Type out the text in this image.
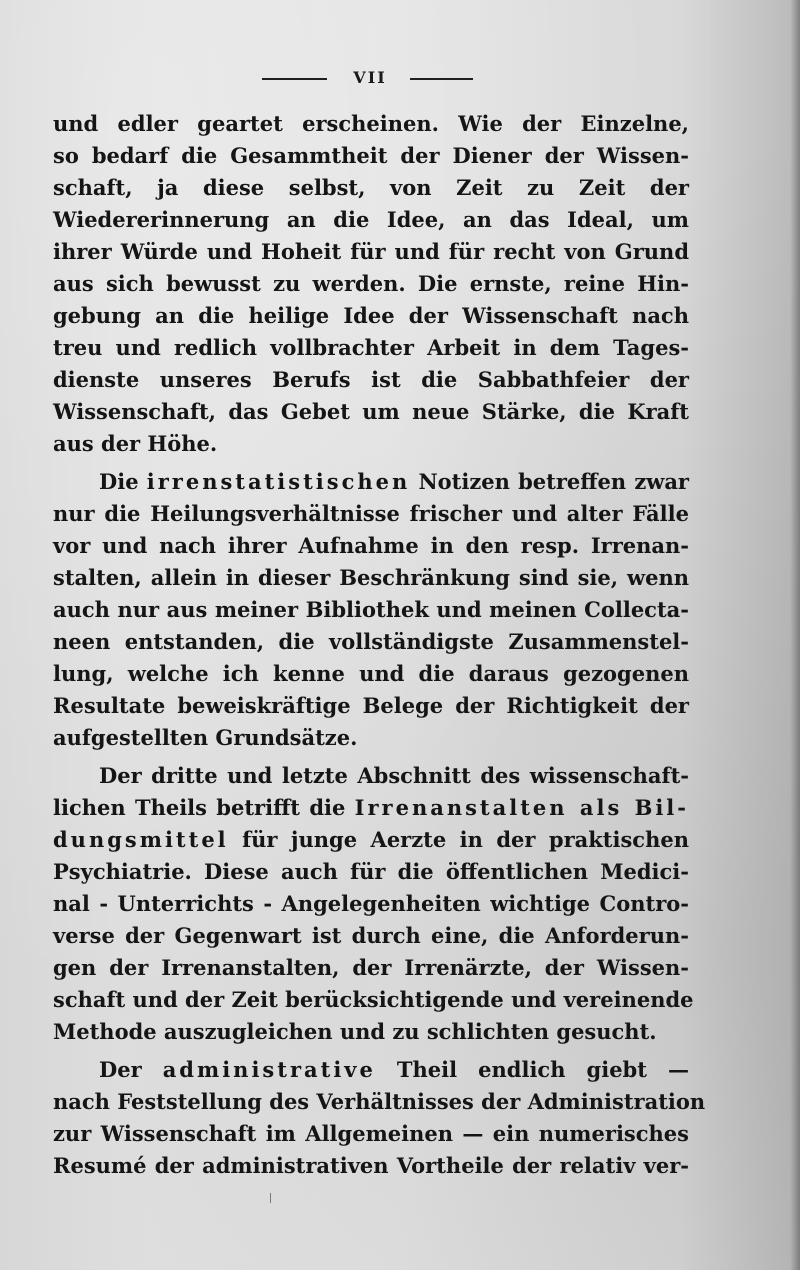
VII
und edler geartet erscheinen. Wie der Einzelne,
so bedarf die Gesammtheit der Diener der Wissen-
schaft, ja diese selbst, von Zeit zu Zeit der
Wiedererinnerung an die Idee, an das Ideal, um
ihrer Würde und Hoheit für und für recht von Grund
aus sich bewusst zu werden. Die ernste, reine Hin-
gebung an die heilige Idee der Wissenschaft nach
treu und redlich vollbrachter Arbeit in dem Tages-
dienste unseres Berufs ist die Sabbathfeier der
Wissenschaft, das Gebet um neue Stärke, die Kraft
aus der Höhe.
Die irrenstatistischen Notizen betreffen zwar
nur die Heilungsverhältnisse frischer und alter Fälle
vor und nach ihrer Aufnahme in den resp. Irrenan-
stalten, allein in dieser Beschränkung sind sie, wenn
auch nur aus meiner Bibliothek und meinen Collecta-
neen entstanden, die vollständigste Zusammenstel-
lung, welche ich kenne und die daraus gezogenen
Resultate beweiskräftige Belege der Richtigkeit der
aufgestellten Grundsätze.
Der dritte und letzte Abschnitt des wissenschaft-
lichen Theils betrifft die Irrenanstalten als Bil-
dungsmittel für junge Aerzte in der praktischen
Psychiatrie. Diese auch für die öffentlichen Medici-
nal - Unterrichts - Angelegenheiten wichtige Contro-
verse der Gegenwart ist durch eine, die Anforderun-
gen der Irrenanstalten, der Irrenärzte, der Wissen-
schaft und der Zeit berücksichtigende und vereinende
Methode auszugleichen und zu schlichten gesucht.
Der administrative Theil endlich giebt —
nach Feststellung des Verhältnisses der Administration
zur Wissenschaft im Allgemeinen — ein numerisches
Resumé der administrativen Vortheile der relativ ver-
